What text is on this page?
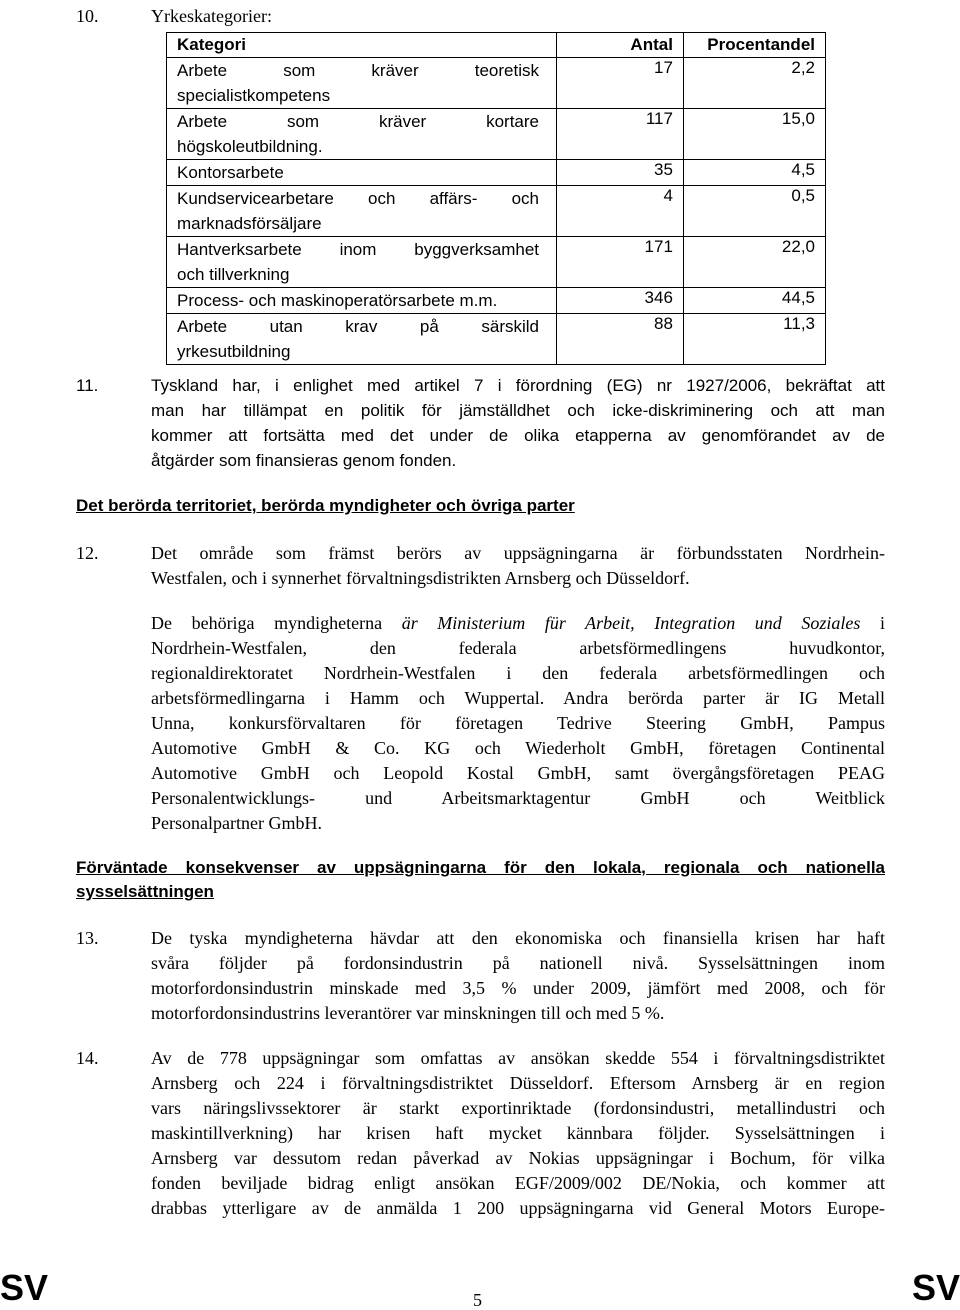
10.	Yrkeskategorier:
Kategori	Antal	Procentandel

Arbete som kräver teoretisk
specialistkompetens	17	2,2

Arbete som kräver kortare
högskoleutbildning.	117	15,0

Kontorsarbete	35	4,5

Kundservicearbetare och affärs- och
marknadsförsäljare	4	0,5

Hantverksarbete inom byggverksamhet
och tillverkning	171	22,0

Process- och maskinoperatörsarbete m.m.	346	44,5

Arbete utan krav på särskild
yrkesutbildning	88	11,3
11.	Tyskland har, i enlighet med artikel 7 i förordning (EG) nr 1927/2006, bekräftat att
man har tillämpat en politik för jämställdhet och icke-diskriminering och att man
kommer att fortsätta med det under de olika etapperna av genomförandet av de
åtgärder som finansieras genom fonden.
Det berörda territoriet, berörda myndigheter och övriga parter
12.	Det område som främst berörs av uppsägningarna är förbundsstaten Nordrhein-
Westfalen, och i synnerhet förvaltningsdistrikten Arnsberg och Düsseldorf.
De behöriga myndigheterna är Ministerium für Arbeit, Integration und Soziales i
Nordrhein-Westfalen, den federala arbetsförmedlingens huvudkontor,
regionaldirektoratet Nordrhein-Westfalen i den federala arbetsförmedlingen och
arbetsförmedlingarna i Hamm och Wuppertal. Andra berörda parter är IG Metall
Unna, konkursförvaltaren för företagen Tedrive Steering GmbH, Pampus
Automotive GmbH & Co. KG och Wiederholt GmbH, företagen Continental
Automotive GmbH och Leopold Kostal GmbH, samt övergångsföretagen PEAG
Personalentwicklungs- und Arbeitsmarktagentur GmbH och Weitblick
Personalpartner GmbH.
Förväntade konsekvenser av uppsägningarna för den lokala, regionala och nationella
sysselsättningen
13.	De tyska myndigheterna hävdar att den ekonomiska och finansiella krisen har haft
svåra följder på fordonsindustrin på nationell nivå. Sysselsättningen inom
motorfordonsindustrin minskade med 3,5 % under 2009, jämfört med 2008, och för
motorfordonsindustrins leverantörer var minskningen till och med 5 %.
14.	Av de 778 uppsägningar som omfattas av ansökan skedde 554 i förvaltningsdistriktet
Arnsberg och 224 i förvaltningsdistriktet Düsseldorf. Eftersom Arnsberg är en region
vars näringslivssektorer är starkt exportinriktade (fordonsindustri, metallindustri och
maskintillverkning) har krisen haft mycket kännbara följder. Sysselsättningen i
Arnsberg var dessutom redan påverkad av Nokias uppsägningar i Bochum, för vilka
fonden beviljade bidrag enligt ansökan EGF/2009/002 DE/Nokia, och kommer att
drabbas ytterligare av de anmälda 1 200 uppsägningarna vid General Motors Europe-
SV	5	SV
